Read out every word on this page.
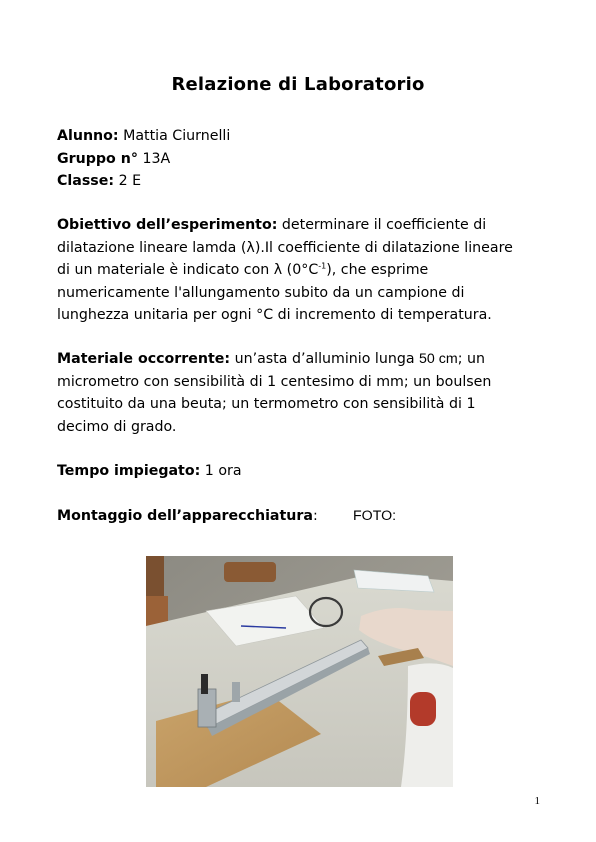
Relazione di Laboratorio
Alunno: Mattia Ciurnelli
Gruppo n° 13A
Classe: 2 E
Obiettivo dell’esperimento: determinare il coefficiente di dilatazione lineare lamda (λ).Il coefficiente di dilatazione lineare di un materiale è indicato con λ $(0^\circ C^{-1})$, che esprime numericamente l'allungamento subito da un campione di lunghezza unitaria per ogni °C di incremento di temperatura.
Materiale occorrente: un’asta d’alluminio lunga 50 cm; un micrometro con sensibilità di 1 centesimo di mm; un boulsen costituito da una beuta; un termometro con sensibilità di 1 decimo di grado.
Tempo impiegato: 1 ora
Montaggio dell’apparecchiatura: FOTO:
1
